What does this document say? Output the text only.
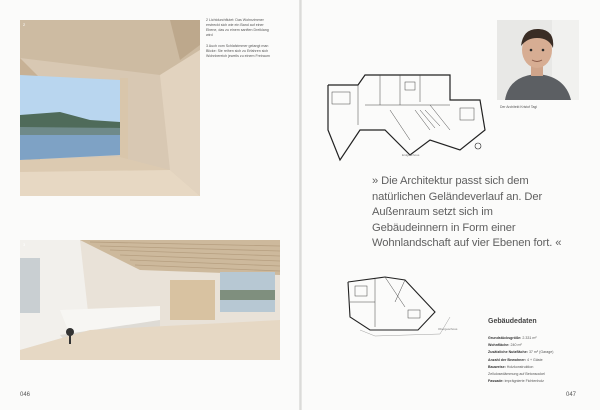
2

2 Lichtdurchflutet: Das Wohnzimmer erstreckt sich wie ein Band auf einer Ebene, das zu einem sanften Dreiklang wird

3 Auch vom Schlafzimmer gelangt man Blicke: Sie reihen sich zu Erfahren sich Wohnbereich jeweils zu einem Freiraum

3
046
Erdgeschoss
Der Architekt Kristof Tagi
» Die Architektur passt sich dem natürlichen Geländeverlauf an. Der Außenraum setzt sich im Gebäudeinnern in Form einer Wohnlandschaft auf vier Ebenen fort. «
Obergeschoss
Gebäudedaten
Grundstücksgröße: 2.331 m²
Wohnfläche: 240 m²
Zusätzliche Nutzfläche: 37 m² (Garage)
Anzahl der Bewohner: 4 + Gäste
Bauweise: Holzkonstruktion
Zellulosedämmung auf Betonsockel
Fassade: imprägnierte Fichtenholz
047
